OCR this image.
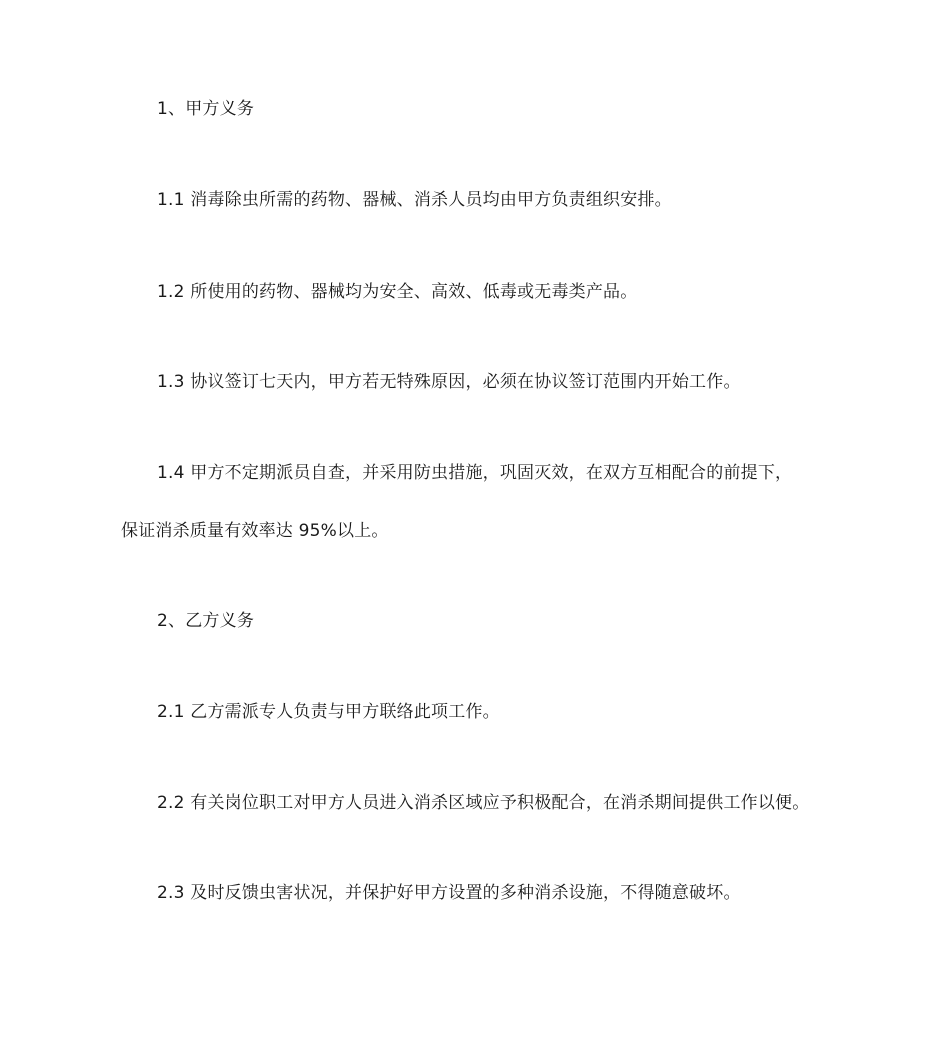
1、甲方义务
1.1 消毒除虫所需的药物、器械、消杀人员均由甲方负责组织安排。
1.2 所使用的药物、器械均为安全、高效、低毒或无毒类产品。
1.3 协议签订七天内，甲方若无特殊原因，必须在协议签订范围内开始工作。
1.4 甲方不定期派员自查，并采用防虫措施，巩固灭效，在双方互相配合的前提下，
保证消杀质量有效率达 95%以上。
2、乙方义务
2.1 乙方需派专人负责与甲方联络此项工作。
2.2 有关岗位职工对甲方人员进入消杀区域应予积极配合，在消杀期间提供工作以便。
2.3 及时反馈虫害状况，并保护好甲方设置的多种消杀设施，不得随意破坏。
